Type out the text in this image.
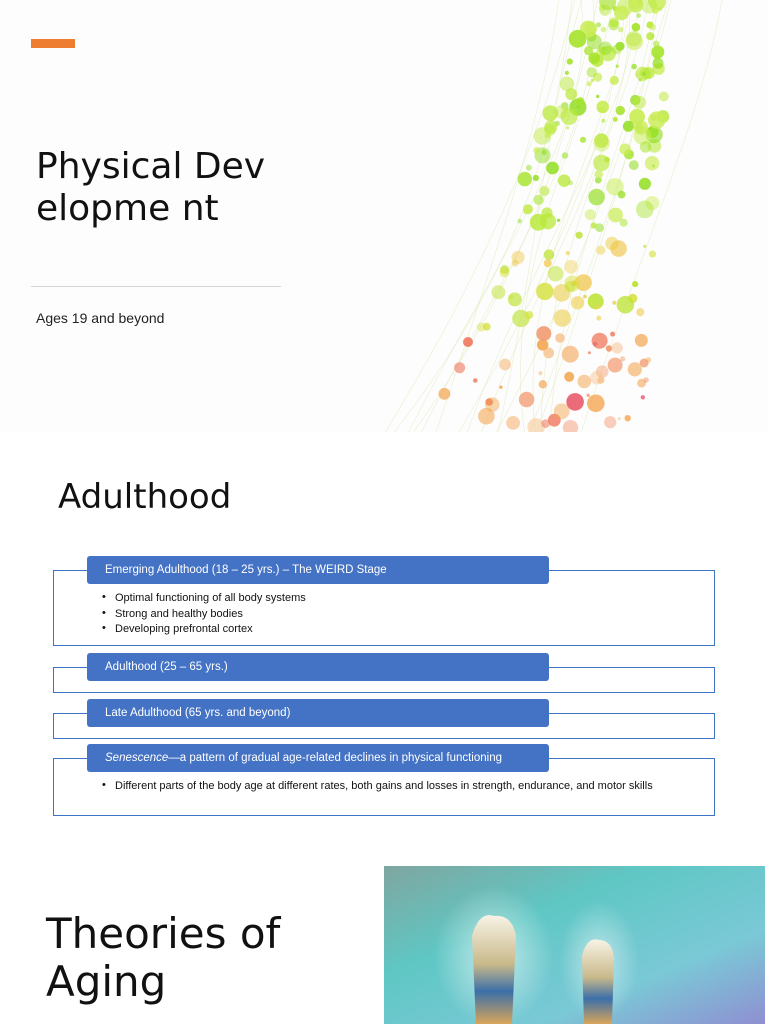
Physical Developme nt
Ages 19 and beyond
Adulthood
Emerging Adulthood (18 – 25 yrs.) – The WEIRD Stage
• Optimal functioning of all body systems
• Strong and healthy bodies
• Developing prefrontal cortex
Adulthood (25 – 65 yrs.)
Late Adulthood (65 yrs. and beyond)
Senescence—a pattern of gradual age-related declines in physical functioning
• Different parts of the body age at different rates, both gains and losses in strength, endurance, and motor skills
Theories of Aging
